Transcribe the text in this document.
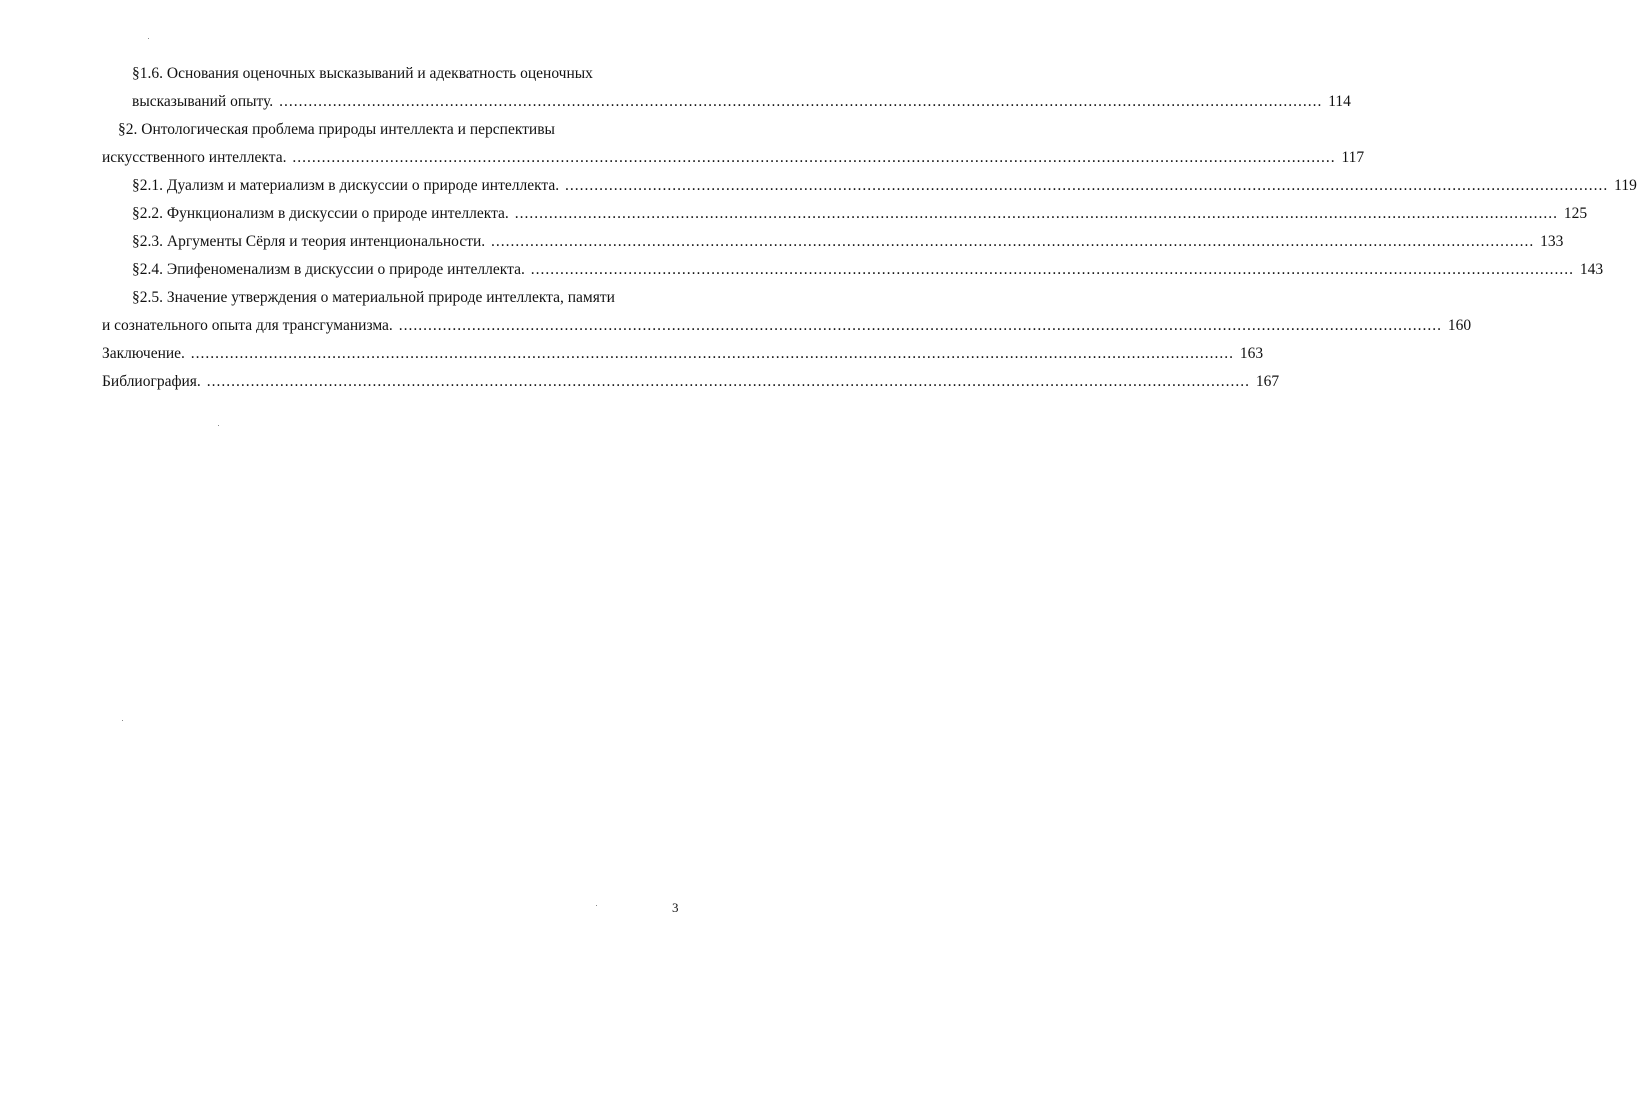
§1.6. Основания оценочных высказываний и адекватность оценочных
высказываний опыту. .....	114
§2. Онтологическая проблема природы интеллекта и перспективы
искусственного интеллекта. .....	117
§2.1. Дуализм и материализм в дискуссии о природе интеллекта. .....	119
§2.2. Функционализм в дискуссии о природе интеллекта. .....	125
§2.3. Аргументы Сёрля и теория интенциональности. .....	133
§2.4. Эпифеноменализм в дискуссии о природе интеллекта. .....	143
§2.5. Значение утверждения о материальной природе интеллекта, памяти
и сознательного опыта для трансгуманизма. .....	160
Заключение. .....	163
Библиография. .....	167
3
